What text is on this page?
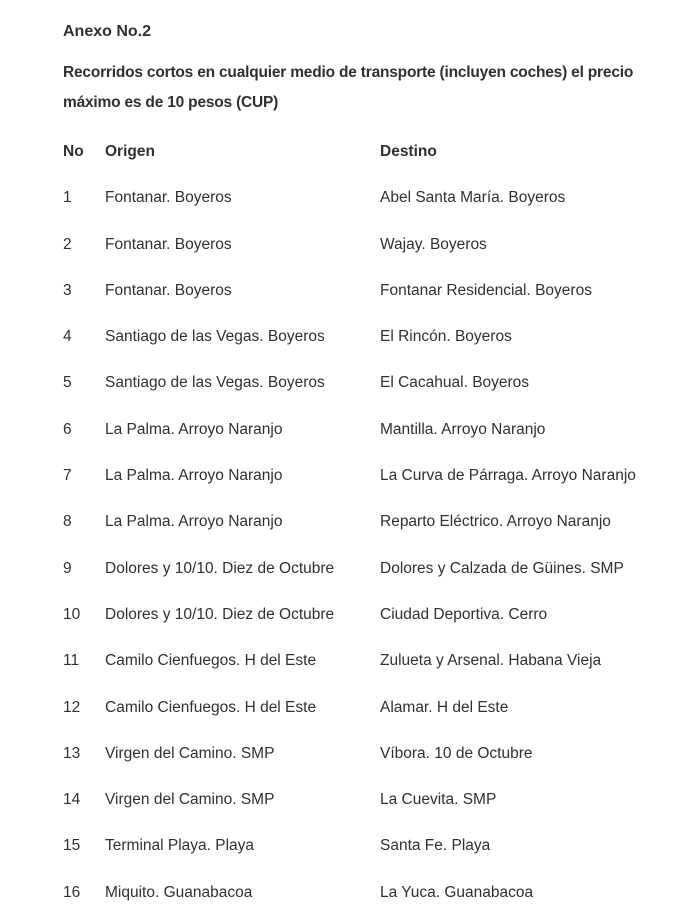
Anexo No.2
Recorridos cortos en cualquier medio de transporte (incluyen coches) el precio
máximo es de 10 pesos (CUP)
No	Origen	Destino
1	Fontanar. Boyeros	Abel Santa María. Boyeros
2	Fontanar. Boyeros	Wajay. Boyeros
3	Fontanar. Boyeros	Fontanar Residencial. Boyeros
4	Santiago de las Vegas. Boyeros	El Rincón. Boyeros
5	Santiago de las Vegas. Boyeros	El Cacahual. Boyeros
6	La Palma. Arroyo Naranjo	Mantilla. Arroyo Naranjo
7	La Palma. Arroyo Naranjo	La Curva de Párraga. Arroyo Naranjo
8	La Palma. Arroyo Naranjo	Reparto Eléctrico. Arroyo Naranjo
9	Dolores y 10/10. Diez de Octubre	Dolores y Calzada de Güines. SMP
10	Dolores y 10/10. Diez de Octubre	Ciudad Deportiva. Cerro
11	Camilo Cienfuegos. H del Este	Zulueta y Arsenal. Habana Vieja
12	Camilo Cienfuegos. H del Este	Alamar. H del Este
13	Virgen del Camino. SMP	Víbora. 10 de Octubre
14	Virgen del Camino. SMP	La Cuevita. SMP
15	Terminal Playa. Playa	Santa Fe. Playa
16	Miquito. Guanabacoa	La Yuca. Guanabacoa
